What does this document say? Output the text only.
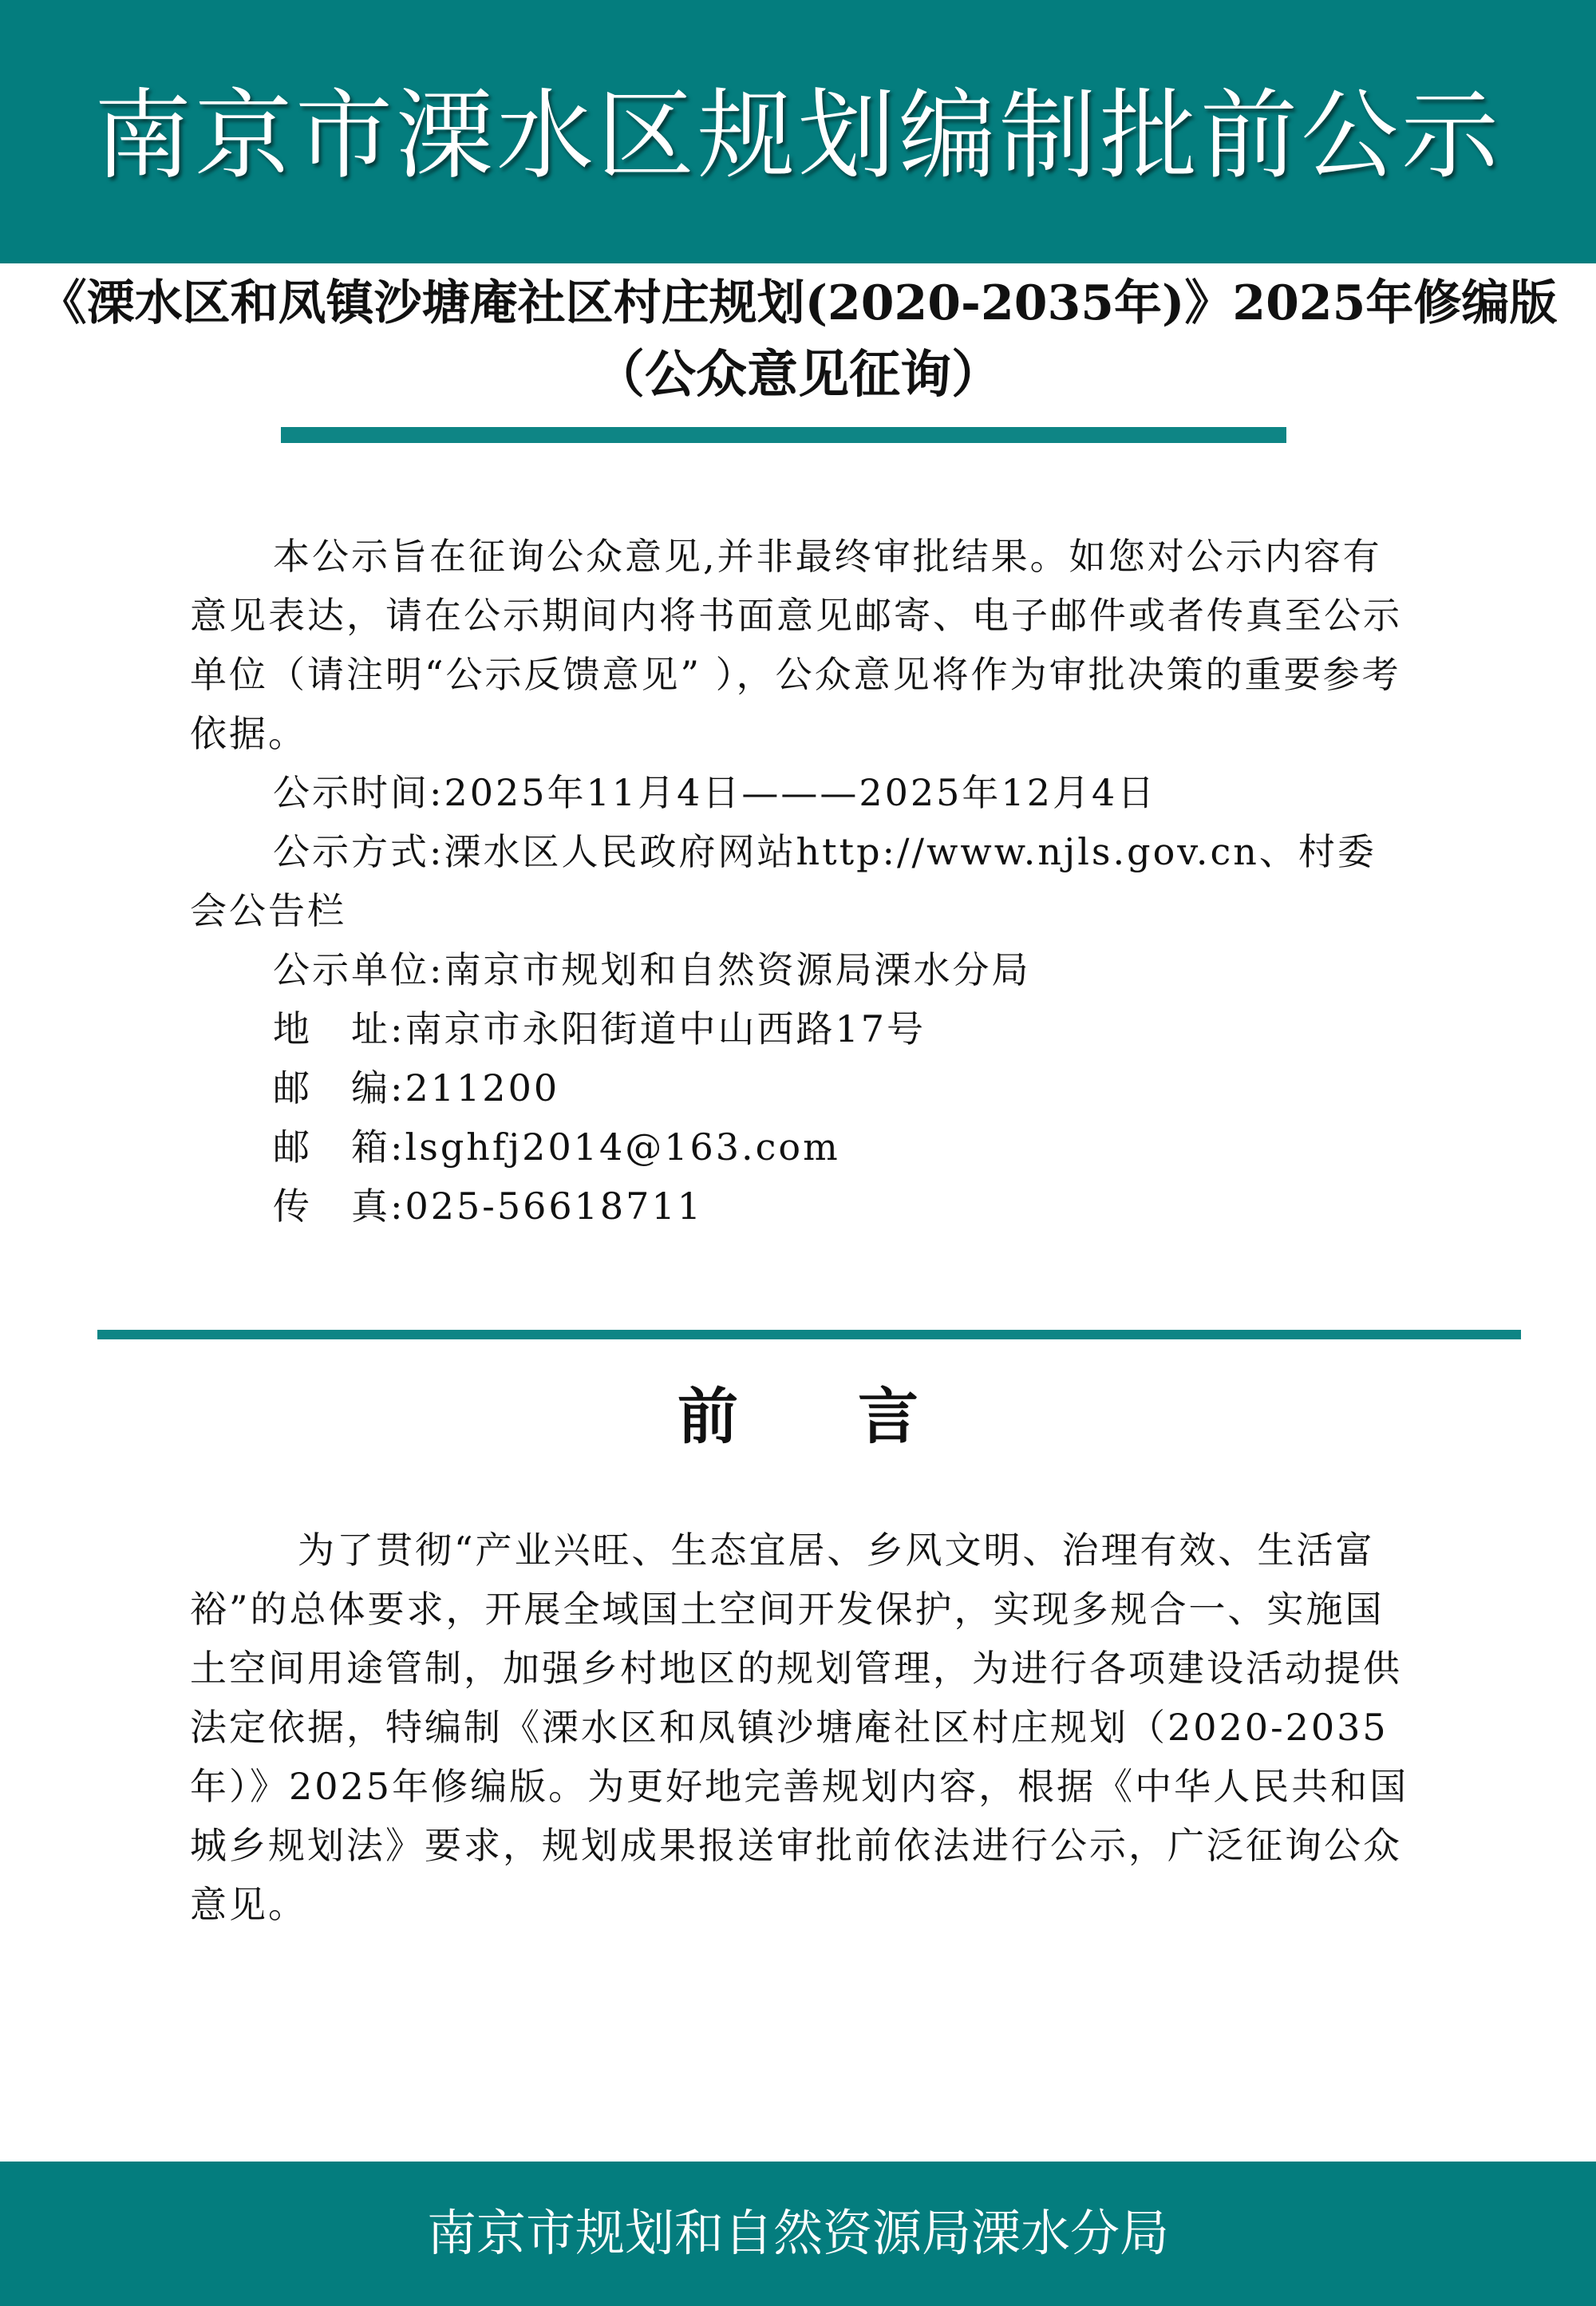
南京市溧水区规划编制批前公示
《溧水区和凤镇沙塘庵社区村庄规划(2020-2035年)》2025年修编版
（公众意见征询）

本公示旨在征询公众意见,并非最终审批结果。如您对公示内容有意见表达，请在公示期间内将书面意见邮寄、电子邮件或者传真至公示单位（请注明“公示反馈意见” ），公众意见将作为审批决策的重要参考依据。

公示时间:2025年11月4日———2025年12月4日

公示方式:溧水区人民政府网站http://www.njls.gov.cn、村委会公告栏

公示单位:南京市规划和自然资源局溧水分局

地　址:南京市永阳街道中山西路17号

邮　编:211200

邮　箱:lsghfj2014@163.com

传　真:025-56618711

前言
为了贯彻“产业兴旺、生态宜居、乡风文明、治理有效、生活富裕”的总体要求，开展全域国土空间开发保护，实现多规合一、实施国土空间用途管制，加强乡村地区的规划管理，为进行各项建设活动提供法定依据，特编制《溧水区和凤镇沙塘庵社区村庄规划（2020-2035年）》2025年修编版。为更好地完善规划内容，根据《中华人民共和国城乡规划法》要求，规划成果报送审批前依法进行公示，广泛征询公众意见。
南京市规划和自然资源局溧水分局
